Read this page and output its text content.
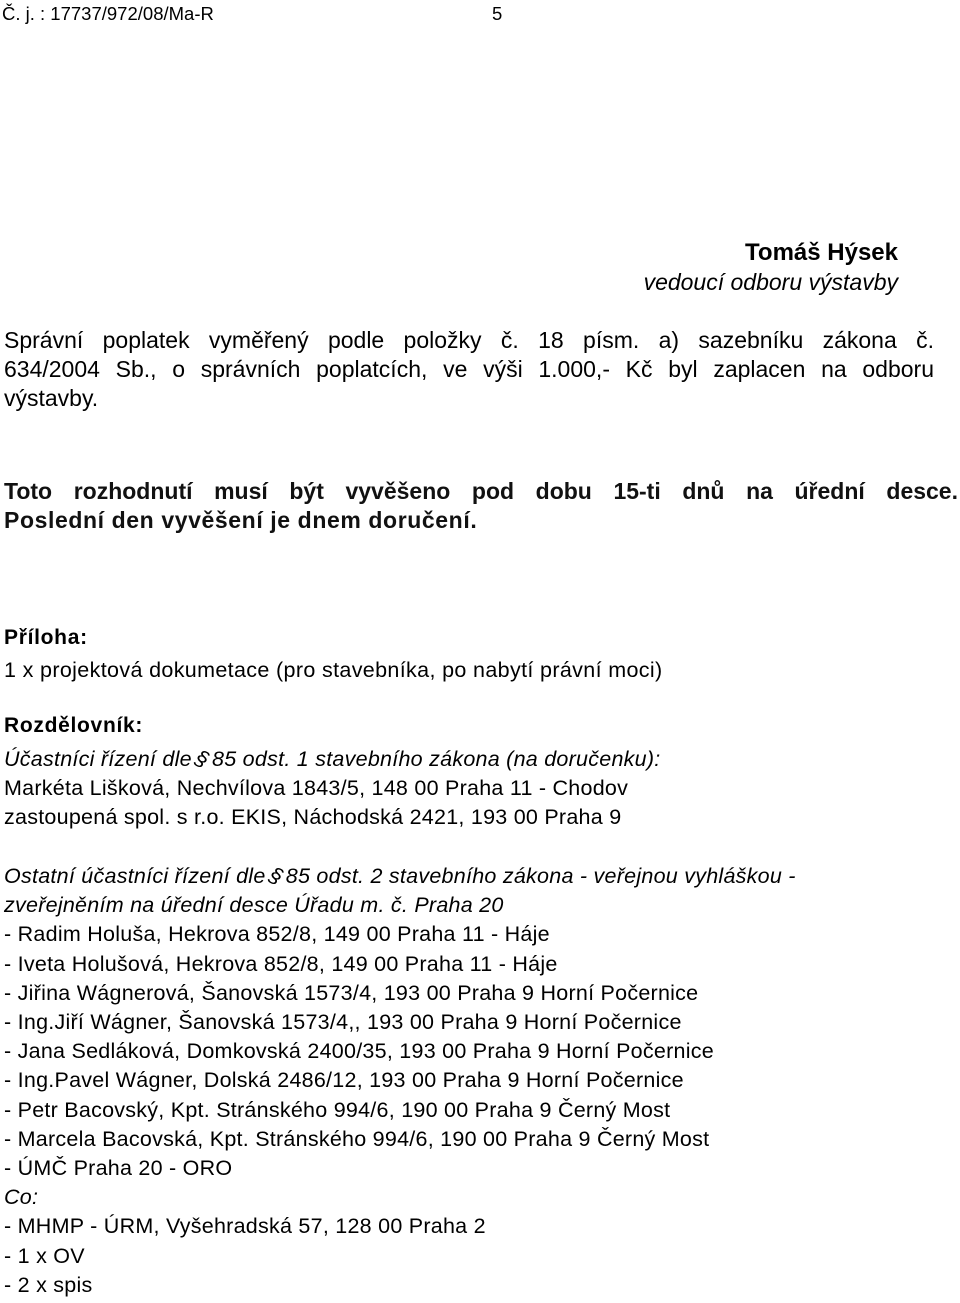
Č. j. : 17737/972/08/Ma-R	5
Tomáš Hýsek
vedoucí odboru výstavby
Správní poplatek vyměřený podle položky č. 18 písm. a) sazebníku zákona č.
634/2004 Sb., o správních poplatcích, ve výši 1.000,- Kč byl zaplacen na odboru
výstavby.
Toto rozhodnutí musí být vyvěšeno pod dobu 15-ti dnů na úřední desce.
Poslední den vyvěšení je dnem doručení.
Příloha:
1 x projektová dokumetace (pro stavebníka, po nabytí právní moci)
Rozdělovník:
Účastníci řízení dle§85 odst. 1 stavebního zákona (na doručenku):
Markéta Lišková, Nechvílova 1843/5, 148 00 Praha 11 - Chodov
zastoupená spol. s r.o. EKIS, Náchodská 2421, 193 00 Praha 9
Ostatní účastníci řízení dle§85 odst. 2 stavebního zákona - veřejnou vyhláškou -
zveřejněním na úřední desce Úřadu m. č. Praha 20
- Radim Holuša, Hekrova 852/8, 149 00 Praha 11 - Háje
- Iveta Holušová, Hekrova 852/8, 149 00 Praha 11 - Háje
- Jiřina Wágnerová, Šanovská 1573/4, 193 00 Praha 9 Horní Počernice
- Ing.Jiří Wágner, Šanovská 1573/4,, 193 00 Praha 9 Horní Počernice
- Jana Sedláková, Domkovská 2400/35, 193 00 Praha 9 Horní Počernice
- Ing.Pavel Wágner, Dolská 2486/12, 193 00 Praha 9 Horní Počernice
- Petr Bacovský, Kpt. Stránského 994/6, 190 00 Praha 9 Černý Most
- Marcela Bacovská, Kpt. Stránského 994/6, 190 00 Praha 9 Černý Most
- ÚMČ Praha 20 - ORO
Co:
- MHMP - ÚRM, Vyšehradská 57, 128 00 Praha 2
- 1 x OV
- 2 x spis
